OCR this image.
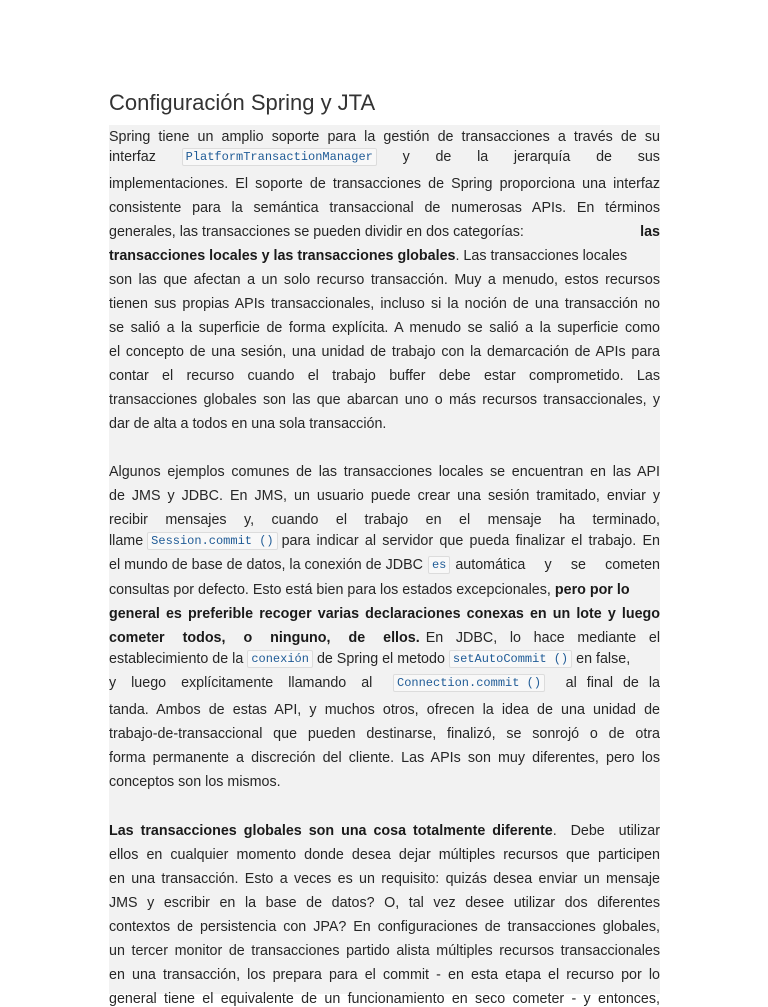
Configuración Spring y JTA
Spring tiene un amplio soporte para la gestión de transacciones a través de su
interfaz	PlatformTransactionManager y de la jerarquía de sus
implementaciones. El soporte de transacciones de Spring proporciona una interfaz
consistente para la semántica transaccional de numerosas APIs. En términos
generales, las transacciones se pueden dividir en dos categorías:	las
transacciones locales y las transacciones globales. Las transacciones locales
son las que afectan a un solo recurso transacción. Muy a menudo, estos recursos
tienen sus propias APIs transaccionales, incluso si la noción de una transacción no
se salió a la superficie de forma explícita. A menudo se salió a la superficie como
el concepto de una sesión, una unidad de trabajo con la demarcación de APIs para
contar el recurso cuando el trabajo buffer debe estar comprometido. Las
transacciones globales son las que abarcan uno o más recursos transaccionales, y
dar de alta a todos en una sola transacción.
Algunos ejemplos comunes de las transacciones locales se encuentran en las API
de JMS y JDBC. En JMS, un usuario puede crear una sesión tramitado, enviar y
recibir mensajes y, cuando el trabajo en el mensaje ha terminado,
llame Session.commit () para indicar al servidor que pueda finalizar el trabajo. En
el mundo de base de datos, la conexión de JDBC es automática y se cometen
consultas por defecto. Esto está bien para los estados excepcionales, pero por lo
general es preferible recoger varias declaraciones conexas en un lote y luego
cometer todos, o ninguno, de ellos. En JDBC, lo hace mediante el
establecimiento de la conexión de Spring el metodo setAutoCommit () en false,
y luego explícitamente llamando al	Connection.commit () al final de la
tanda. Ambos de estas API, y muchos otros, ofrecen la idea de una unidad de
trabajo-de-transaccional que pueden destinarse, finalizó, se sonrojó o de otra
forma permanente a discreción del cliente. Las APIs son muy diferentes, pero los
conceptos son los mismos.
Las transacciones globales son una cosa totalmente diferente . Debe utilizar
ellos en cualquier momento donde desea dejar múltiples recursos que participen
en una transacción. Esto a veces es un requisito: quizás desea enviar un mensaje
JMS y escribir en la base de datos? O, tal vez desee utilizar dos diferentes
contextos de persistencia con JPA? En configuraciones de transacciones globales,
un tercer monitor de transacciones partido alista múltiples recursos transaccionales
en una transacción, los prepara para el commit - en esta etapa el recurso por lo
general tiene el equivalente de un funcionamiento en seco cometer - y entonces,
